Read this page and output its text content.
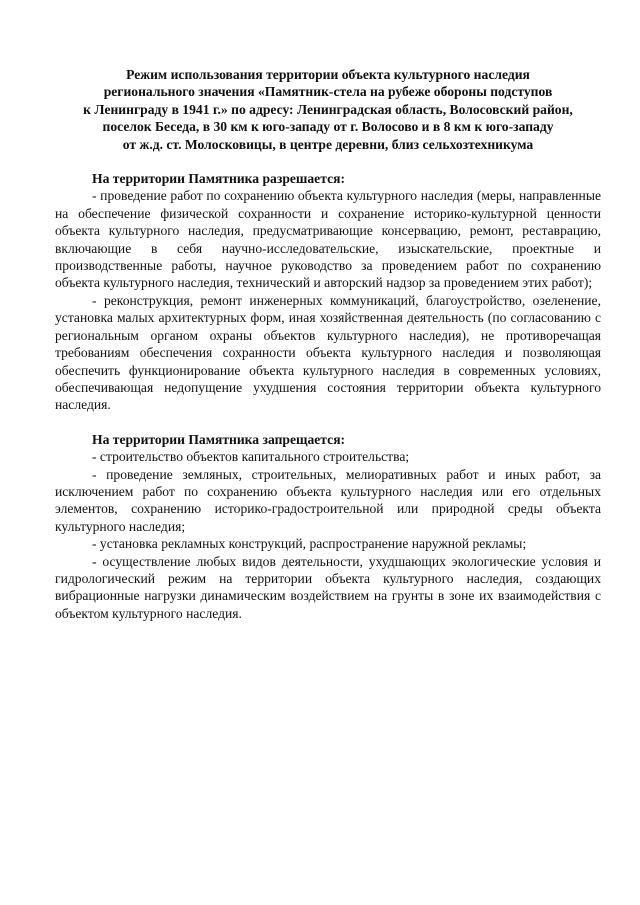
Режим использования территории объекта культурного наследия
регионального значения «Памятник-стела на рубеже обороны подступов
к Ленинграду в 1941 г.» по адресу: Ленинградская область, Волосовский район,
поселок Беседа, в 30 км к юго-западу от г. Волосово и в 8 км к юго-западу
от ж.д. ст. Молосковицы, в центре деревни, близ сельхозтехникума

На территории Памятника разрешается:

- проведение работ по сохранению объекта культурного наследия (меры, направленные на обеспечение физической сохранности и сохранение историко-культурной ценности объекта культурного наследия, предусматривающие консервацию, ремонт, реставрацию, включающие в себя научно-исследовательские, изыскательские, проектные и производственные работы, научное руководство за проведением работ по сохранению объекта культурного наследия, технический и авторский надзор за проведением этих работ);

- реконструкция, ремонт инженерных коммуникаций, благоустройство, озеленение, установка малых архитектурных форм, иная хозяйственная деятельность (по согласованию с региональным органом охраны объектов культурного наследия), не противоречащая требованиям обеспечения сохранности объекта культурного наследия и позволяющая обеспечить функционирование объекта культурного наследия в современных условиях, обеспечивающая недопущение ухудшения состояния территории объекта культурного наследия.

На территории Памятника запрещается:

- строительство объектов капитального строительства;

- проведение земляных, строительных, мелиоративных работ и иных работ, за исключением работ по сохранению объекта культурного наследия или его отдельных элементов, сохранению историко-градостроительной или природной среды объекта культурного наследия;

- установка рекламных конструкций, распространение наружной рекламы;

- осуществление любых видов деятельности, ухудшающих экологические условия и гидрологический режим на территории объекта культурного наследия, создающих вибрационные нагрузки динамическим воздействием на грунты в зоне их взаимодействия с объектом культурного наследия.
